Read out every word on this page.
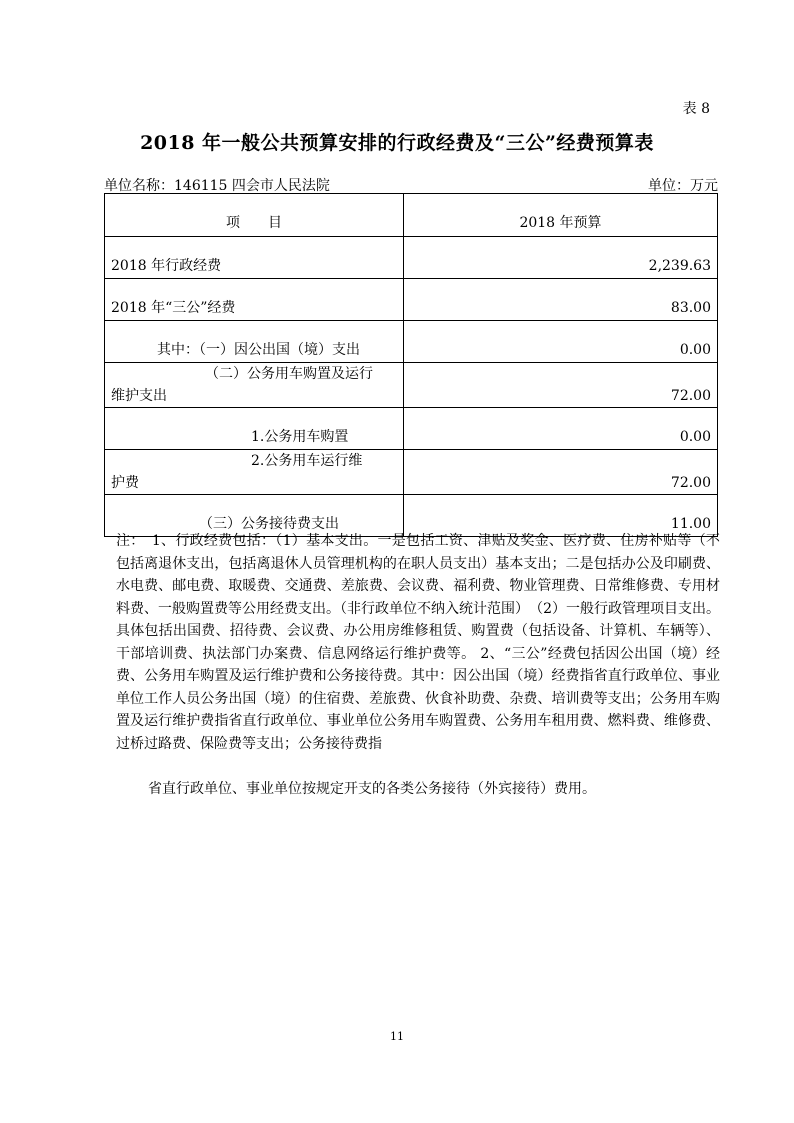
表 8
2018 年一般公共预算安排的行政经费及“三公”经费预算表
单位名称：146115 四会市人民法院	单位：万元
项　　目	2018 年预算
2018 年行政经费	2,239.63
2018 年“三公”经费	83.00
其中：（一）因公出国（境）支出	0.00

（二）公务用车购置及运行
维护支出	72.00
1.公务用车购置	0.00

2.公务用车运行维
护费	72.00
（三）公务接待费支出	11.00

注：　1、行政经费包括：（1）基本支出。一是包括工资、津贴及奖金、医疗费、住房补贴等（不包括离退休支出，包括离退休人员管理机构的在职人员支出）基本支出；二是包括办公及印刷费、水电费、邮电费、取暖费、交通费、差旅费、会议费、福利费、物业管理费、日常维修费、专用材料费、一般购置费等公用经费支出。（非行政单位不纳入统计范围）　（2）一般行政管理项目支出。具体包括出国费、招待费、会议费、办公用房维修租赁、购置费（包括设备、计算机、车辆等）、干部培训费、执法部门办案费、信息网络运行维护费等。 2、“三公”经费包括因公出国（境）经费、公务用车购置及运行维护费和公务接待费。其中：因公出国（境）经费指省直行政单位、事业单位工作人员公务出国（境）的住宿费、差旅费、伙食补助费、杂费、培训费等支出；公务用车购置及运行维护费指省直行政单位、事业单位公务用车购置费、公务用车租用费、燃料费、维修费、过桥过路费、保险费等支出；公务接待费指

省直行政单位、事业单位按规定开支的各类公务接待（外宾接待）费用。

11
